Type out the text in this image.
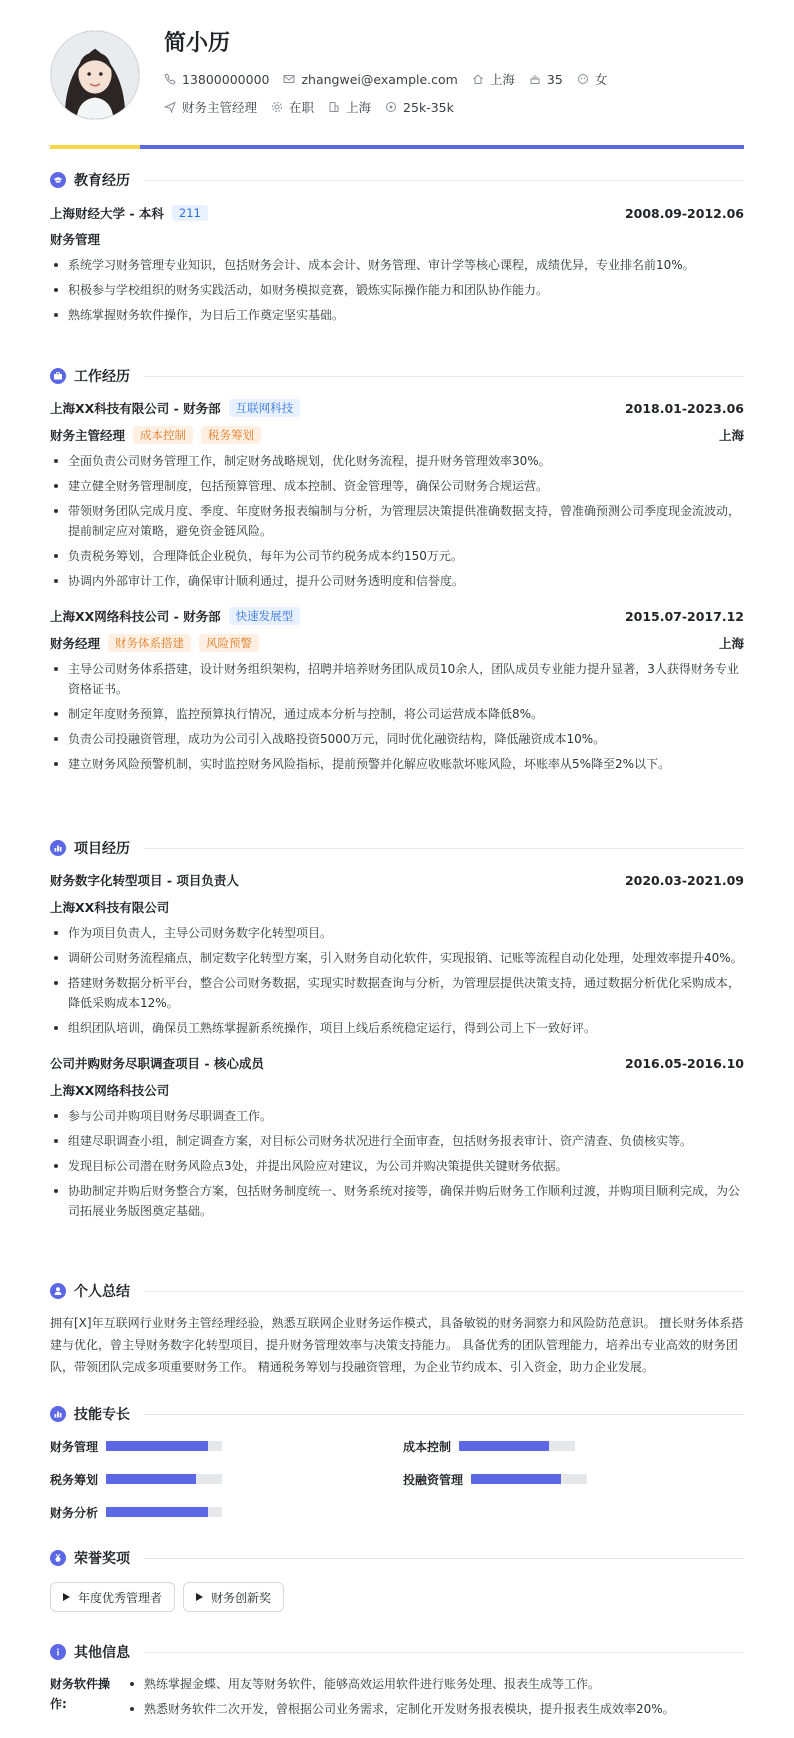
简小历
13800000000	zhangwei@example.com	上海	35	女
财务主管经理	在职	上海	25k-35k
教育经历
上海财经大学 - 本科	211	2008.09-2012.06
财务管理
系统学习财务管理专业知识，包括财务会计、成本会计、财务管理、审计学等核心课程，成绩优异，专业排名前10%。
积极参与学校组织的财务实践活动，如财务模拟竞赛，锻炼实际操作能力和团队协作能力。
熟练掌握财务软件操作，为日后工作奠定坚实基础。
工作经历
上海XX科技有限公司 - 财务部	互联网科技	2018.01-2023.06
财务主管经理	成本控制	税务筹划	上海
全面负责公司财务管理工作，制定财务战略规划，优化财务流程，提升财务管理效率30%。
建立健全财务管理制度，包括预算管理、成本控制、资金管理等，确保公司财务合规运营。
带领财务团队完成月度、季度、年度财务报表编制与分析，为管理层决策提供准确数据支持，曾准确预测公司季度现金流波动，提前制定应对策略，避免资金链风险。
负责税务筹划，合理降低企业税负，每年为公司节约税务成本约150万元。
协调内外部审计工作，确保审计顺利通过，提升公司财务透明度和信誉度。
上海XX网络科技公司 - 财务部	快速发展型	2015.07-2017.12
财务经理	财务体系搭建	风险预警	上海
主导公司财务体系搭建，设计财务组织架构，招聘并培养财务团队成员10余人，团队成员专业能力提升显著，3人获得财务专业资格证书。
制定年度财务预算，监控预算执行情况，通过成本分析与控制，将公司运营成本降低8%。
负责公司投融资管理，成功为公司引入战略投资5000万元，同时优化融资结构，降低融资成本10%。
建立财务风险预警机制，实时监控财务风险指标，提前预警并化解应收账款坏账风险，坏账率从5%降至2%以下。
项目经历
财务数字化转型项目 - 项目负责人	2020.03-2021.09
上海XX科技有限公司
作为项目负责人，主导公司财务数字化转型项目。
调研公司财务流程痛点，制定数字化转型方案，引入财务自动化软件，实现报销、记账等流程自动化处理，处理效率提升40%。
搭建财务数据分析平台，整合公司财务数据，实现实时数据查询与分析，为管理层提供决策支持，通过数据分析优化采购成本，降低采购成本12%。
组织团队培训，确保员工熟练掌握新系统操作，项目上线后系统稳定运行，得到公司上下一致好评。
公司并购财务尽职调查项目 - 核心成员	2016.05-2016.10
上海XX网络科技公司
参与公司并购项目财务尽职调查工作。
组建尽职调查小组，制定调查方案，对目标公司财务状况进行全面审查，包括财务报表审计、资产清查、负债核实等。
发现目标公司潜在财务风险点3处，并提出风险应对建议，为公司并购决策提供关键财务依据。
协助制定并购后财务整合方案，包括财务制度统一、财务系统对接等，确保并购后财务工作顺利过渡，并购项目顺利完成，为公司拓展业务版图奠定基础。
个人总结

拥有[X]年互联网行业财务主管经理经验，熟悉互联网企业财务运作模式，具备敏锐的财务洞察力和风险防范意识。 擅长财务体系搭建与优化，曾主导财务数字化转型项目，提升财务管理效率与决策支持能力。 具备优秀的团队管理能力，培养出专业高效的财务团队，带领团队完成多项重要财务工作。 精通税务筹划与投融资管理，为企业节约成本、引入资金，助力企业发展。

技能专长
财务管理	成本控制
税务筹划	投融资管理
财务分析
荣誉奖项
年度优秀管理者	财务创新奖
其他信息
财务软件操作:
熟练掌握金蝶、用友等财务软件，能够高效运用软件进行账务处理、报表生成等工作。
熟悉财务软件二次开发，曾根据公司业务需求，定制化开发财务报表模块，提升报表生成效率20%。
